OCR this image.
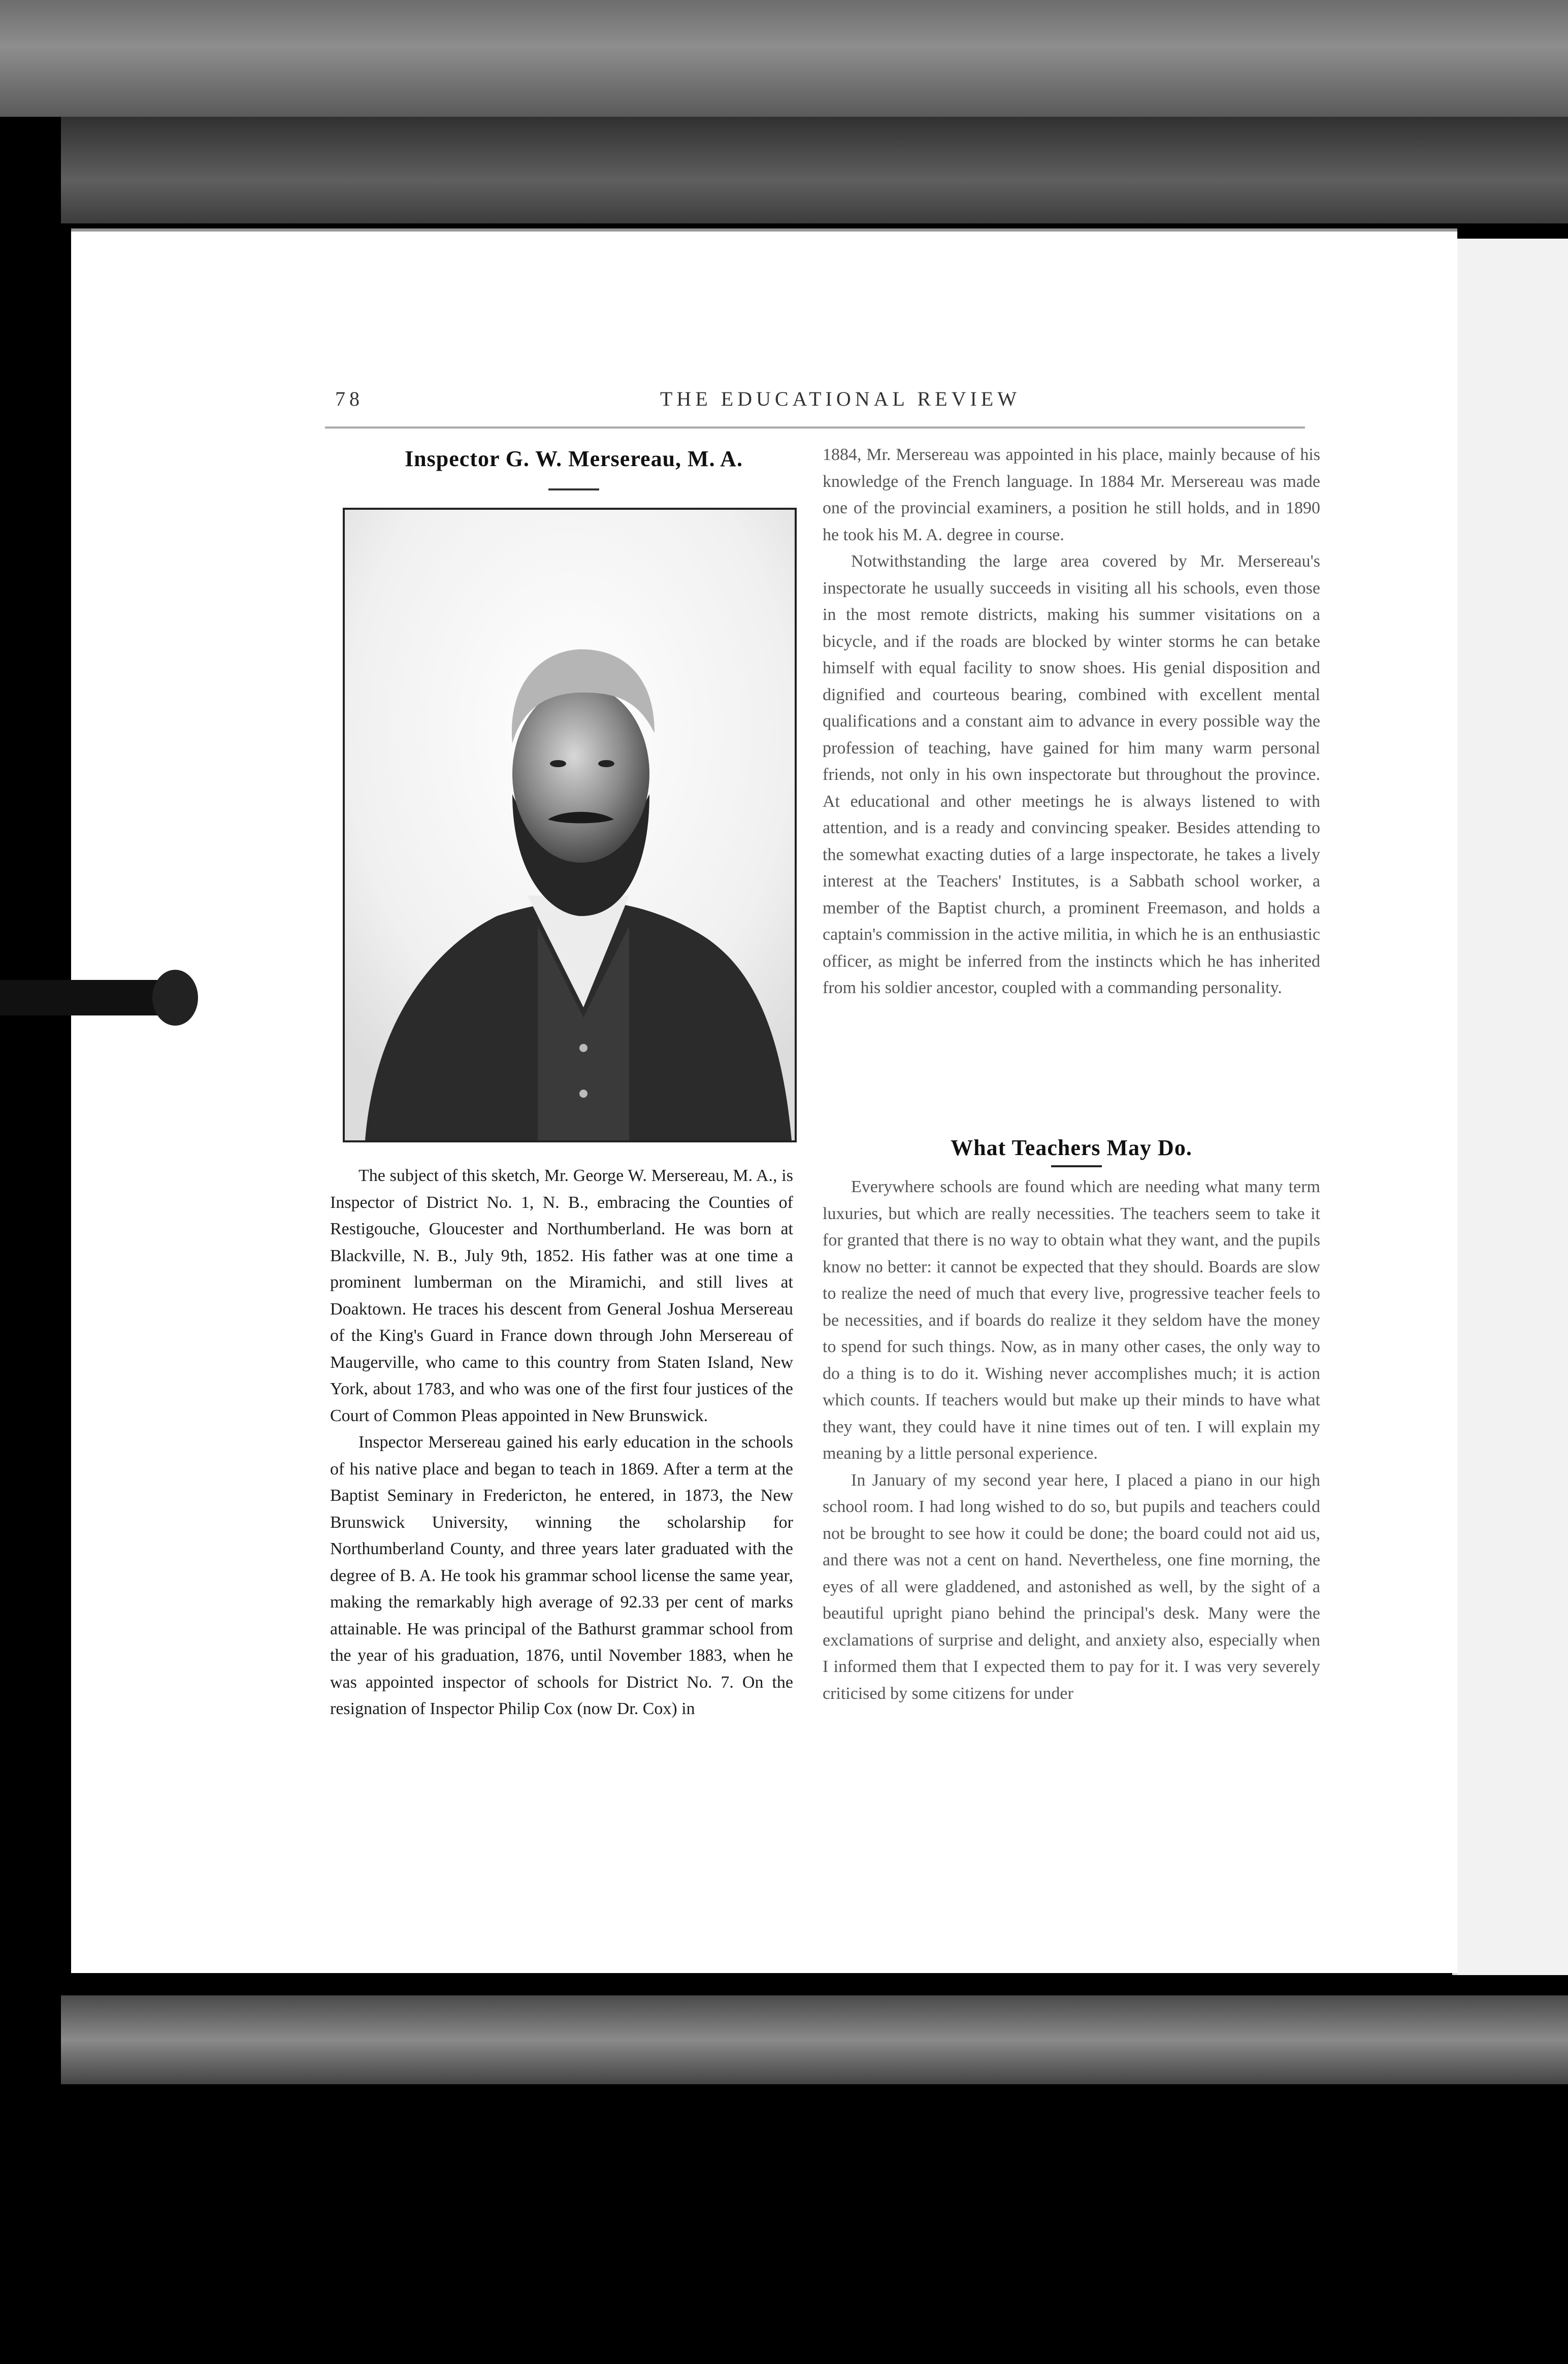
78	THE EDUCATIONAL REVIEW
Inspector G. W. Mersereau, M. A.

The subject of this sketch, Mr. George W. Mersereau, M. A., is Inspector of District No. 1, N. B., embracing the Counties of Restigouche, Gloucester and Northumberland. He was born at Blackville, N. B., July 9th, 1852. His father was at one time a prominent lumberman on the Miramichi, and still lives at Doaktown. He traces his descent from General Joshua Mersereau of the King's Guard in France down through John Mersereau of Maugerville, who came to this country from Staten Island, New York, about 1783, and who was one of the first four justices of the Court of Common Pleas appointed in New Brunswick.

Inspector Mersereau gained his early education in the schools of his native place and began to teach in 1869. After a term at the Baptist Seminary in Fredericton, he entered, in 1873, the New Brunswick University, winning the scholarship for Northumberland County, and three years later graduated with the degree of B. A. He took his grammar school license the same year, making the remarkably high average of 92.33 per cent of marks attainable. He was principal of the Bathurst grammar school from the year of his graduation, 1876, until November 1883, when he was appointed inspector of schools for District No. 7. On the resignation of Inspector Philip Cox (now Dr. Cox) in

1884, Mr. Mersereau was appointed in his place, mainly because of his knowledge of the French language. In 1884 Mr. Mersereau was made one of the provincial examiners, a position he still holds, and in 1890 he took his M. A. degree in course.

Notwithstanding the large area covered by Mr. Mersereau's inspectorate he usually succeeds in visiting all his schools, even those in the most remote districts, making his summer visitations on a bicycle, and if the roads are blocked by winter storms he can betake himself with equal facility to snow shoes. His genial disposition and dignified and courteous bearing, combined with excellent mental qualifications and a constant aim to advance in every possible way the profession of teaching, have gained for him many warm personal friends, not only in his own inspectorate but throughout the province. At educational and other meetings he is always listened to with attention, and is a ready and convincing speaker. Besides attending to the somewhat exacting duties of a large inspectorate, he takes a lively interest at the Teachers' Institutes, is a Sabbath school worker, a member of the Baptist church, a prominent Freemason, and holds a captain's commission in the active militia, in which he is an enthusiastic officer, as might be inferred from the instincts which he has inherited from his soldier ancestor, coupled with a commanding personality.

What Teachers May Do.

Everywhere schools are found which are needing what many term luxuries, but which are really necessities. The teachers seem to take it for granted that there is no way to obtain what they want, and the pupils know no better: it cannot be expected that they should. Boards are slow to realize the need of much that every live, progressive teacher feels to be necessities, and if boards do realize it they seldom have the money to spend for such things. Now, as in many other cases, the only way to do a thing is to do it. Wishing never accomplishes much; it is action which counts. If teachers would but make up their minds to have what they want, they could have it nine times out of ten. I will explain my meaning by a little personal experience.

In January of my second year here, I placed a piano in our high school room. I had long wished to do so, but pupils and teachers could not be brought to see how it could be done; the board could not aid us, and there was not a cent on hand. Nevertheless, one fine morning, the eyes of all were gladdened, and astonished as well, by the sight of a beautiful upright piano behind the principal's desk. Many were the exclamations of surprise and delight, and anxiety also, especially when I informed them that I expected them to pay for it. I was very severely criticised by some citizens for under
